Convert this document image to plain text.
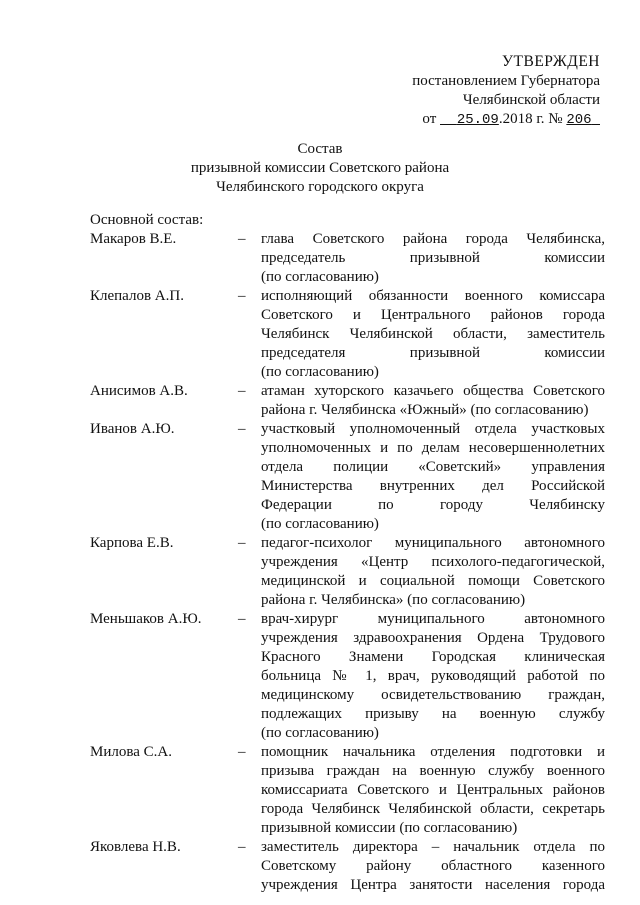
УТВЕРЖДЕН
постановлением Губернатора
Челябинской области
от 25.09.2018 г. № 206
Состав
призывной комиссии Советского района
Челябинского городского округа
Основной состав:
Макаров В.Е.	–	глава Советского района города Челябинска,
председатель призывной комиссии
(по согласованию)
Клепалов А.П.	–	исполняющий обязанности военного комиссара
Советского и Центрального районов города
Челябинск Челябинской области, заместитель
председателя призывной комиссии
(по согласованию)
Анисимов А.В.	–	атаман хуторского казачьего общества Советского
района г. Челябинска «Южный» (по согласованию)
Иванов А.Ю.	–	участковый уполномоченный отдела участковых
уполномоченных и по делам несовершеннолетних
отдела полиции «Советский» управления
Министерства внутренних дел Российской
Федерации по городу Челябинску
(по согласованию)
Карпова Е.В.	–	педагог-психолог муниципального автономного
учреждения «Центр психолого-педагогической,
медицинской и социальной помощи Советского
района г. Челябинска» (по согласованию)
Меньшаков А.Ю.	–	врач-хирург муниципального автономного
учреждения здравоохранения Ордена Трудового
Красного Знамени Городская клиническая
больница № 1, врач, руководящий работой по
медицинскому освидетельствованию граждан,
подлежащих призыву на военную службу
(по согласованию)
Милова С.А.	–	помощник начальника отделения подготовки и
призыва граждан на военную службу военного
комиссариата Советского и Центральных районов
города Челябинск Челябинской области, секретарь
призывной комиссии (по согласованию)
Яковлева Н.В.	–	заместитель директора – начальник отдела по
Советскому району областного казенного
учреждения Центра занятости населения города
